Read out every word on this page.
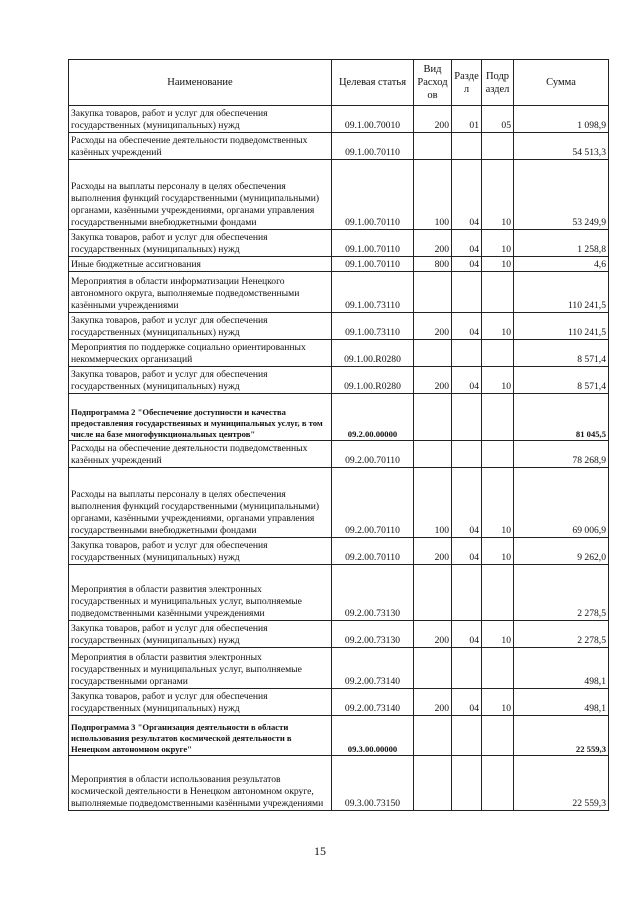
Наименование	Целевая статья	Вид Расход ов	Разде л	Подр аздел	Сумма
Закупка товаров, работ и услуг для обеспечения государственных (муниципальных) нужд	09.1.00.70010	200	01	05	1 098,9
Расходы на обеспечение деятельности подведомственных казённых учреждений	09.1.00.70110				54 513,3
Расходы на выплаты персоналу в целях обеспечения выполнения функций государственными (муниципальными) органами, казёнными учреждениями, органами управления государственными внебюджетными фондами	09.1.00.70110	100	04	10	53 249,9
Закупка товаров, работ и услуг для обеспечения государственных (муниципальных) нужд	09.1.00.70110	200	04	10	1 258,8
Иные бюджетные ассигнования	09.1.00.70110	800	04	10	4,6
Мероприятия в области информатизации Ненецкого автономного округа, выполняемые подведомственными казёнными учреждениями	09.1.00.73110				110 241,5
Закупка товаров, работ и услуг для обеспечения государственных (муниципальных) нужд	09.1.00.73110	200	04	10	110 241,5
Мероприятия по поддержке социально ориентированных некоммерческих организаций	09.1.00.R0280				8 571,4
Закупка товаров, работ и услуг для обеспечения государственных (муниципальных) нужд	09.1.00.R0280	200	04	10	8 571,4
Подпрограмма 2 "Обеспечение доступности и качества предоставления государственных и муниципальных услуг, в том числе на базе многофункциональных центров"	09.2.00.00000				81 045,5
Расходы на обеспечение деятельности подведомственных казённых учреждений	09.2.00.70110				78 268,9
Расходы на выплаты персоналу в целях обеспечения выполнения функций государственными (муниципальными) органами, казёнными учреждениями, органами управления государственными внебюджетными фондами	09.2.00.70110	100	04	10	69 006,9
Закупка товаров, работ и услуг для обеспечения государственных (муниципальных) нужд	09.2.00.70110	200	04	10	9 262,0
Мероприятия в области развития электронных государственных и муниципальных услуг, выполняемые подведомственными казёнными учреждениями	09.2.00.73130				2 278,5
Закупка товаров, работ и услуг для обеспечения государственных (муниципальных) нужд	09.2.00.73130	200	04	10	2 278,5
Мероприятия в области развития электронных государственных и муниципальных услуг, выполняемые государственными органами	09.2.00.73140				498,1
Закупка товаров, работ и услуг для обеспечения государственных (муниципальных) нужд	09.2.00.73140	200	04	10	498,1
Подпрограмма 3 "Организация деятельности в области использования результатов космической деятельности в Ненецком автономном округе"	09.3.00.00000				22 559,3
Мероприятия в области использования результатов космической деятельности в Ненецком автономном округе, выполняемые подведомственными казёнными учреждениями	09.3.00.73150				22 559,3
15
